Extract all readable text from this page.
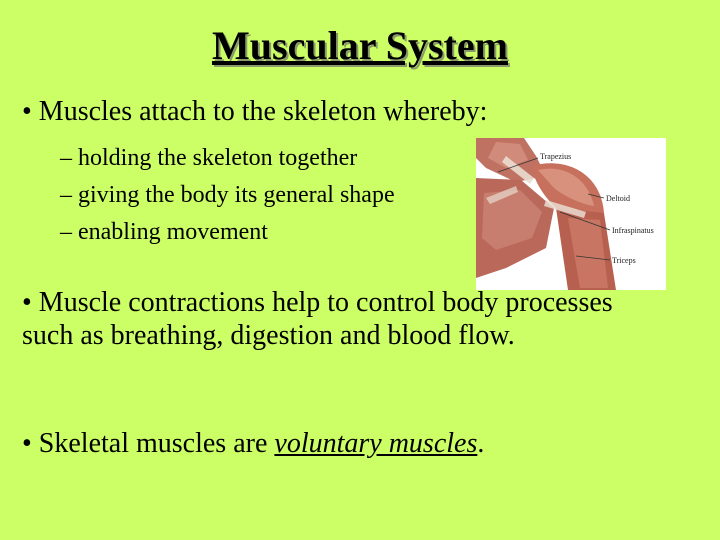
Muscular System
• Muscles attach to the skeleton whereby:
– holding the skeleton together
– giving the body its general shape
– enabling movement
Trapezius
Deltoid
Infraspinatus
Triceps
• Muscle contractions help to control body processes such as breathing, digestion and blood flow.
• Skeletal muscles are voluntary muscles.
